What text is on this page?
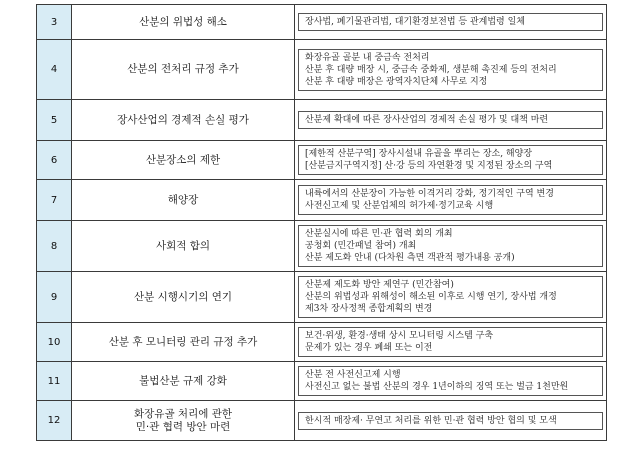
3	산분의 위법성 해소	장사법, 폐기물관리법, 대기환경보전법 등 관계법령 일체

4	산분의 전처리 규정 추가	화장유골 골분 내 중금속 전처리
산분 후 대량 매장 시, 중금속 중화제, 생분해 촉진제 등의 전처리
산분 후 대량 매장은 광역자치단체 사무로 지정

5	장사산업의 경제적 손실 평가	산분제 확대에 따른 장사산업의 경제적 손실 평가 및 대책 마련

6	산분장소의 제한	[제한적 산분구역] 장사시설내 유골을 뿌리는 장소, 해양장
[산분금지구역지정] 산·강 등의 자연환경 및 지정된 장소의 구역

7	해양장	내륙에서의 산분장이 가능한 이격거리 강화, 정기적인 구역 변경
사전신고제 및 산분업체의 허가제·정기교육 시행

8	사회적 합의	산분실시에 따른 민·관 협력 회의 개최
공청회 (민간패널 참여) 개최
산분 제도화 안내 (다차원 측면 객관적 평가내용 공개)

9	산분 시행시기의 연기	산분제 제도화 방안 제연구 (민간참여)
산분의 위법성과 위해성이 해소된 이후로 시행 연기, 장사법 개정
제3차 장사정책 종합계획의 변경

10	산분 후 모니터링 관리 규정 추가	보건·위생, 환경·생태 상시 모니터링 시스템 구축
문제가 있는 경우 폐쇄 또는 이전

11	불법산분 규제 강화	산분 전 사전신고제 시행
사전신고 없는 불법 산분의 경우 1년이하의 징역 또는 벌금 1천만원

12	화장유골 처리에 관한
민·관 협력 방안 마련	한시적 매장제· 무연고 처리를 위한 민·관 협력 방안 협의 및 모색
